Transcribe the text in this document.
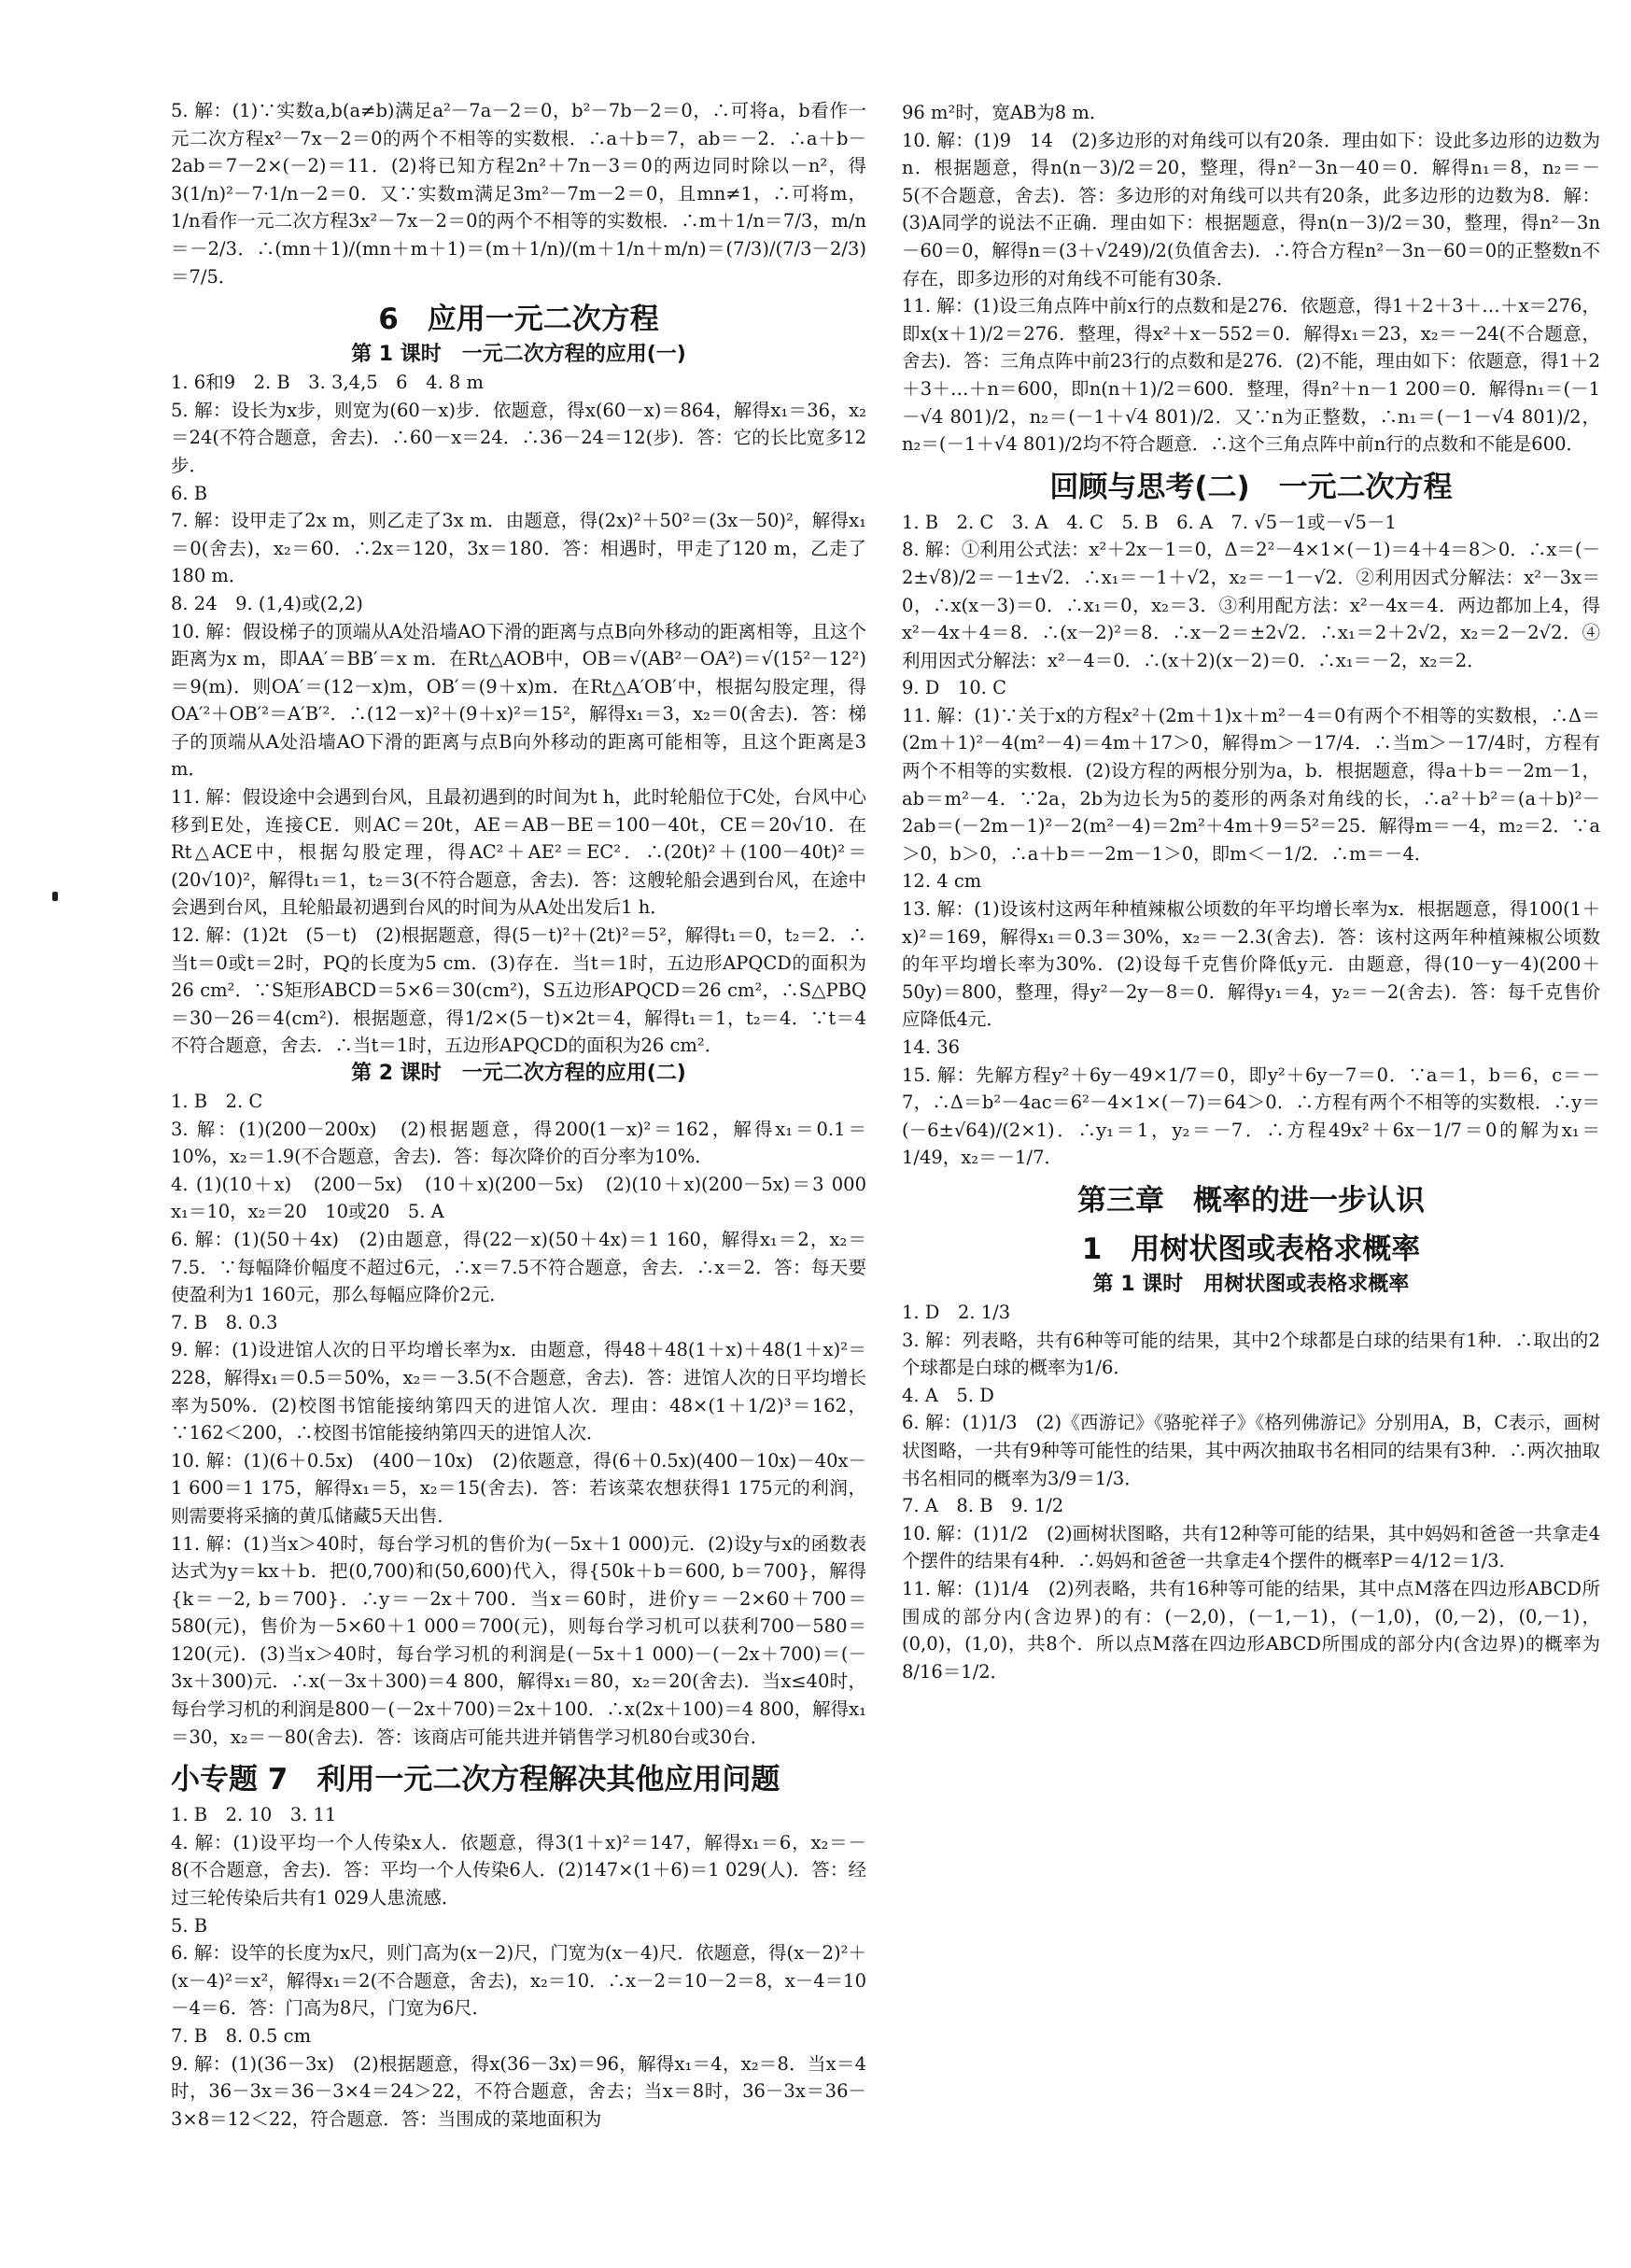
5. 解：(1)∵实数a,b(a≠b)满足a²－7a－2＝0，b²－7b－2＝0，∴可将a，b看作一元二次方程x²－7x－2＝0的两个不相等的实数根．∴a＋b＝7，ab＝－2．∴a＋b－2ab＝7－2×(－2)＝11．(2)将已知方程2n²＋7n－3＝0的两边同时除以－n²，得3(1/n)²－7·1/n－2＝0．又∵实数m满足3m²－7m－2＝0，且mn≠1，∴可将m，1/n看作一元二次方程3x²－7x－2＝0的两个不相等的实数根．∴m＋1/n＝7/3，m/n＝－2/3．∴(mn＋1)/(mn＋m＋1)＝(m＋1/n)/(m＋1/n＋m/n)＝(7/3)/(7/3－2/3)＝7/5．

6　应用一元二次方程
第 1 课时　一元二次方程的应用(一)

1. 6和9　2. B　3. 3,4,5　6　4. 8 m

5. 解：设长为x步，则宽为(60－x)步．依题意，得x(60－x)＝864，解得x₁＝36，x₂＝24(不符合题意，舍去)．∴60－x＝24．∴36－24＝12(步)．答：它的长比宽多12步．

6. B

7. 解：设甲走了2x m，则乙走了3x m．由题意，得(2x)²＋50²＝(3x－50)²，解得x₁＝0(舍去)，x₂＝60．∴2x＝120，3x＝180．答：相遇时，甲走了120 m，乙走了180 m．

8. 24　9. (1,4)或(2,2)

10. 解：假设梯子的顶端从A处沿墙AO下滑的距离与点B向外移动的距离相等，且这个距离为x m，即AA′＝BB′＝x m．在Rt△AOB中，OB＝√(AB²－OA²)＝√(15²－12²)＝9(m)．则OA′＝(12－x)m，OB′＝(9＋x)m．在Rt△A′OB′中，根据勾股定理，得OA′²＋OB′²＝A′B′²．∴(12－x)²＋(9＋x)²＝15²，解得x₁＝3，x₂＝0(舍去)．答：梯子的顶端从A处沿墙AO下滑的距离与点B向外移动的距离可能相等，且这个距离是3 m．

11. 解：假设途中会遇到台风，且最初遇到的时间为t h，此时轮船位于C处，台风中心移到E处，连接CE．则AC＝20t，AE＝AB－BE＝100－40t，CE＝20√10．在Rt△ACE中，根据勾股定理，得AC²＋AE²＝EC²．∴(20t)²＋(100－40t)²＝(20√10)²，解得t₁＝1，t₂＝3(不符合题意，舍去)．答：这艘轮船会遇到台风，在途中会遇到台风，且轮船最初遇到台风的时间为从A处出发后1 h．

12. 解：(1)2t　(5－t)　(2)根据题意，得(5－t)²＋(2t)²＝5²，解得t₁＝0，t₂＝2．∴当t＝0或t＝2时，PQ的长度为5 cm．(3)存在．当t＝1时，五边形APQCD的面积为26 cm²．∵S矩形ABCD＝5×6＝30(cm²)，S五边形APQCD＝26 cm²，∴S△PBQ＝30－26＝4(cm²)．根据题意，得1/2×(5－t)×2t＝4，解得t₁＝1，t₂＝4．∵t＝4不符合题意，舍去．∴当t＝1时，五边形APQCD的面积为26 cm²．

第 2 课时　一元二次方程的应用(二)

1. B　2. C

3. 解：(1)(200－200x)　(2)根据题意，得200(1－x)²＝162，解得x₁＝0.1＝10%，x₂＝1.9(不合题意，舍去)．答：每次降价的百分率为10%．

4. (1)(10＋x)　(200－5x)　(10＋x)(200－5x)　(2)(10＋x)(200－5x)＝3 000　x₁＝10，x₂＝20　10或20　5. A

6. 解：(1)(50＋4x)　(2)由题意，得(22－x)(50＋4x)＝1 160，解得x₁＝2，x₂＝7.5．∵每幅降价幅度不超过6元，∴x＝7.5不符合题意，舍去．∴x＝2．答：每天要使盈利为1 160元，那么每幅应降价2元．

7. B　8. 0.3

9. 解：(1)设进馆人次的日平均增长率为x．由题意，得48＋48(1＋x)＋48(1＋x)²＝228，解得x₁＝0.5＝50%，x₂＝－3.5(不合题意，舍去)．答：进馆人次的日平均增长率为50%．(2)校图书馆能接纳第四天的进馆人次．理由：48×(1＋1/2)³＝162，∵162＜200，∴校图书馆能接纳第四天的进馆人次．

10. 解：(1)(6＋0.5x)　(400－10x)　(2)依题意，得(6＋0.5x)(400－10x)－40x－1 600＝1 175，解得x₁＝5，x₂＝15(舍去)．答：若该菜农想获得1 175元的利润，则需要将采摘的黄瓜储藏5天出售．

11. 解：(1)当x＞40时，每台学习机的售价为(－5x＋1 000)元．(2)设y与x的函数表达式为y＝kx＋b．把(0,700)和(50,600)代入，得{50k＋b＝600, b＝700}，解得{k＝－2, b＝700}．∴y＝－2x＋700．当x＝60时，进价y＝－2×60＋700＝580(元)，售价为－5×60＋1 000＝700(元)，则每台学习机可以获利700－580＝120(元)．(3)当x＞40时，每台学习机的利润是(－5x＋1 000)－(－2x＋700)＝(－3x＋300)元．∴x(－3x＋300)＝4 800，解得x₁＝80，x₂＝20(舍去)．当x≤40时，每台学习机的利润是800－(－2x＋700)＝2x＋100．∴x(2x＋100)＝4 800，解得x₁＝30，x₂＝－80(舍去)．答：该商店可能共进并销售学习机80台或30台．

小专题 7　利用一元二次方程解决其他应用问题

1. B　2. 10　3. 11

4. 解：(1)设平均一个人传染x人．依题意，得3(1＋x)²＝147，解得x₁＝6，x₂＝－8(不合题意，舍去)．答：平均一个人传染6人．(2)147×(1＋6)＝1 029(人)．答：经过三轮传染后共有1 029人患流感．

5. B

6. 解：设竿的长度为x尺，则门高为(x－2)尺，门宽为(x－4)尺．依题意，得(x－2)²＋(x－4)²＝x²，解得x₁＝2(不合题意，舍去)，x₂＝10．∴x－2＝10－2＝8，x－4＝10－4＝6．答：门高为8尺，门宽为6尺．

7. B　8. 0.5 cm

9. 解：(1)(36－3x)　(2)根据题意，得x(36－3x)＝96，解得x₁＝4，x₂＝8．当x＝4时，36－3x＝36－3×4＝24＞22，不符合题意，舍去；当x＝8时，36－3x＝36－3×8＝12＜22，符合题意．答：当围成的菜地面积为

96 m²时，宽AB为8 m．

10. 解：(1)9　14　(2)多边形的对角线可以有20条．理由如下：设此多边形的边数为n．根据题意，得n(n－3)/2＝20，整理，得n²－3n－40＝0．解得n₁＝8，n₂＝－5(不合题意，舍去)．答：多边形的对角线可以共有20条，此多边形的边数为8．解：(3)A同学的说法不正确．理由如下：根据题意，得n(n－3)/2＝30，整理，得n²－3n－60＝0，解得n＝(3＋√249)/2(负值舍去)．∴符合方程n²－3n－60＝0的正整数n不存在，即多边形的对角线不可能有30条．

11. 解：(1)设三角点阵中前x行的点数和是276．依题意，得1＋2＋3＋…＋x＝276，即x(x＋1)/2＝276．整理，得x²＋x－552＝0．解得x₁＝23，x₂＝－24(不合题意，舍去)．答：三角点阵中前23行的点数和是276．(2)不能，理由如下：依题意，得1＋2＋3＋…＋n＝600，即n(n＋1)/2＝600．整理，得n²＋n－1 200＝0．解得n₁＝(－1－√4 801)/2，n₂＝(－1＋√4 801)/2．又∵n为正整数，∴n₁＝(－1－√4 801)/2，n₂＝(－1＋√4 801)/2均不符合题意．∴这个三角点阵中前n行的点数和不能是600．

回顾与思考(二)　一元二次方程

1. B　2. C　3. A　4. C　5. B　6. A　7. √5－1或－√5－1

8. 解：①利用公式法：x²＋2x－1＝0，Δ＝2²－4×1×(－1)＝4＋4＝8＞0．∴x＝(－2±√8)/2＝－1±√2．∴x₁＝－1＋√2，x₂＝－1－√2．②利用因式分解法：x²－3x＝0，∴x(x－3)＝0．∴x₁＝0，x₂＝3．③利用配方法：x²－4x＝4．两边都加上4，得x²－4x＋4＝8．∴(x－2)²＝8．∴x－2＝±2√2．∴x₁＝2＋2√2，x₂＝2－2√2．④利用因式分解法：x²－4＝0．∴(x＋2)(x－2)＝0．∴x₁＝－2，x₂＝2．

9. D　10. C

11. 解：(1)∵关于x的方程x²＋(2m＋1)x＋m²－4＝0有两个不相等的实数根，∴Δ＝(2m＋1)²－4(m²－4)＝4m＋17＞0，解得m＞－17/4．∴当m＞－17/4时，方程有两个不相等的实数根．(2)设方程的两根分别为a，b．根据题意，得a＋b＝－2m－1，ab＝m²－4．∵2a，2b为边长为5的菱形的两条对角线的长，∴a²＋b²＝(a＋b)²－2ab＝(－2m－1)²－2(m²－4)＝2m²＋4m＋9＝5²＝25．解得m＝－4，m₂＝2．∵a＞0，b＞0，∴a＋b＝－2m－1＞0，即m＜－1/2．∴m＝－4．

12. 4 cm

13. 解：(1)设该村这两年种植辣椒公顷数的年平均增长率为x．根据题意，得100(1＋x)²＝169，解得x₁＝0.3＝30%，x₂＝－2.3(舍去)．答：该村这两年种植辣椒公顷数的年平均增长率为30%．(2)设每千克售价降低y元．由题意，得(10－y－4)(200＋50y)＝800，整理，得y²－2y－8＝0．解得y₁＝4，y₂＝－2(舍去)．答：每千克售价应降低4元．

14. 36

15. 解：先解方程y²＋6y－49×1/7＝0，即y²＋6y－7＝0．∵a＝1，b＝6，c＝－7，∴Δ＝b²－4ac＝6²－4×1×(－7)＝64＞0．∴方程有两个不相等的实数根．∴y＝(－6±√64)/(2×1)．∴y₁＝1，y₂＝－7．∴方程49x²＋6x－1/7＝0的解为x₁＝1/49，x₂＝－1/7．

第三章　概率的进一步认识
1　用树状图或表格求概率
第 1 课时　用树状图或表格求概率

1. D　2. 1/3

3. 解：列表略，共有6种等可能的结果，其中2个球都是白球的结果有1种．∴取出的2个球都是白球的概率为1/6．

4. A　5. D

6. 解：(1)1/3　(2)《西游记》《骆驼祥子》《格列佛游记》分别用A，B，C表示，画树状图略，一共有9种等可能性的结果，其中两次抽取书名相同的结果有3种．∴两次抽取书名相同的概率为3/9＝1/3．

7. A　8. B　9. 1/2

10. 解：(1)1/2　(2)画树状图略，共有12种等可能的结果，其中妈妈和爸爸一共拿走4个摆件的结果有4种．∴妈妈和爸爸一共拿走4个摆件的概率P＝4/12＝1/3．

11. 解：(1)1/4　(2)列表略，共有16种等可能的结果，其中点M落在四边形ABCD所围成的部分内(含边界)的有：(－2,0)，(－1,－1)，(－1,0)，(0,－2)，(0,－1)，(0,0)，(1,0)，共8个．所以点M落在四边形ABCD所围成的部分内(含边界)的概率为8/16＝1/2．
